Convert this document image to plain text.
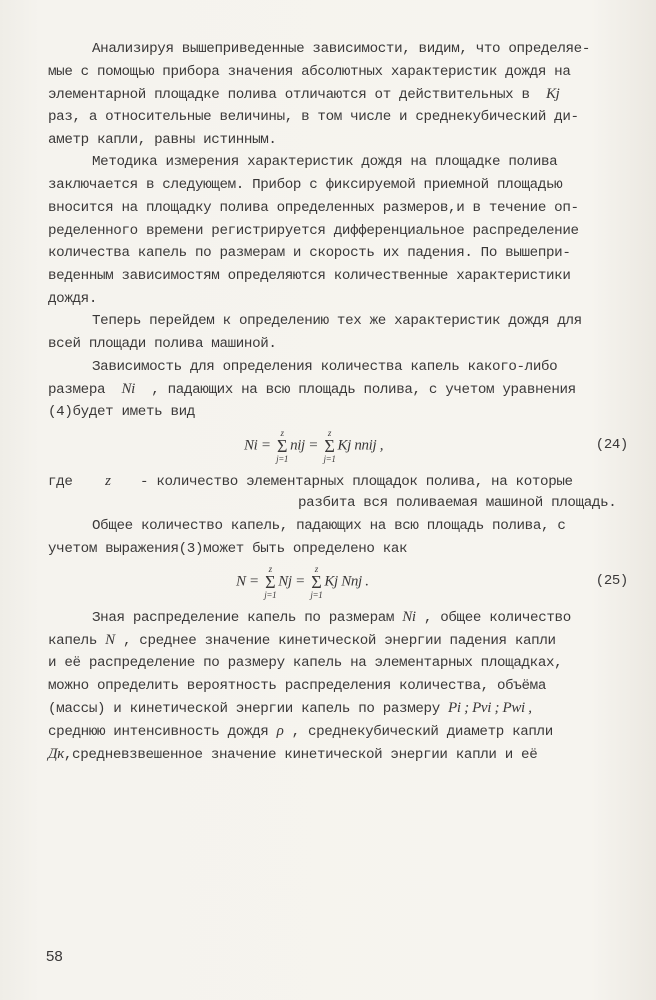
Анализируя вышеприведенные зависимости, видим, что определяе-
мые с помощью прибора значения абсолютных характеристик дождя на
элементарной площадке полива отличаются от действительных в Kj
раз, а относительные величины, в том числе и среднекубический ди-
аметр капли, равны истинным.
Методика измерения характеристик дождя на площадке полива
заключается в следующем. Прибор с фиксируемой приемной площадью
вносится на площадку полива определенных размеров,и в течение оп-
ределенного времени регистрируется дифференциальное распределение
количества капель по размерам и скорость их падения. По вышепри-
веденным зависимостям определяются количественные характеристики
дождя.
Теперь перейдем к определению тех же характеристик дождя для
всей площади полива машиной.
Зависимость для определения количества капель какого-либо
размера Ni , падающих на всю площадь полива, с учетом уравнения
(4)будет иметь вид
Ni =
z
Σ
j=1
nij =
z
Σ
j=1
Kj nnij ,	(24)
где z - количество элементарных площадок полива, на которые
разбита вся поливаемая машиной площадь.
Общее количество капель, падающих на всю площадь полива, с
учетом выражения(3)может быть определено как
N =
z
Σ
j=1
Nj =
z
Σ
j=1
Kj Nnj .	(25)
Зная распределение капель по размерам Ni , общее количество
капель N , среднее значение кинетической энергии падения капли
и её распределение по размеру капель на элементарных площадках,
можно определить вероятность распределения количества, объёма
(массы) и кинетической энергии капель по размеру Pi ; Pvi ; Pwi ,
среднюю интенсивность дождя ρ , среднекубический диаметр капли
Дк,средневзвешенное значение кинетической энергии капли и её
58
